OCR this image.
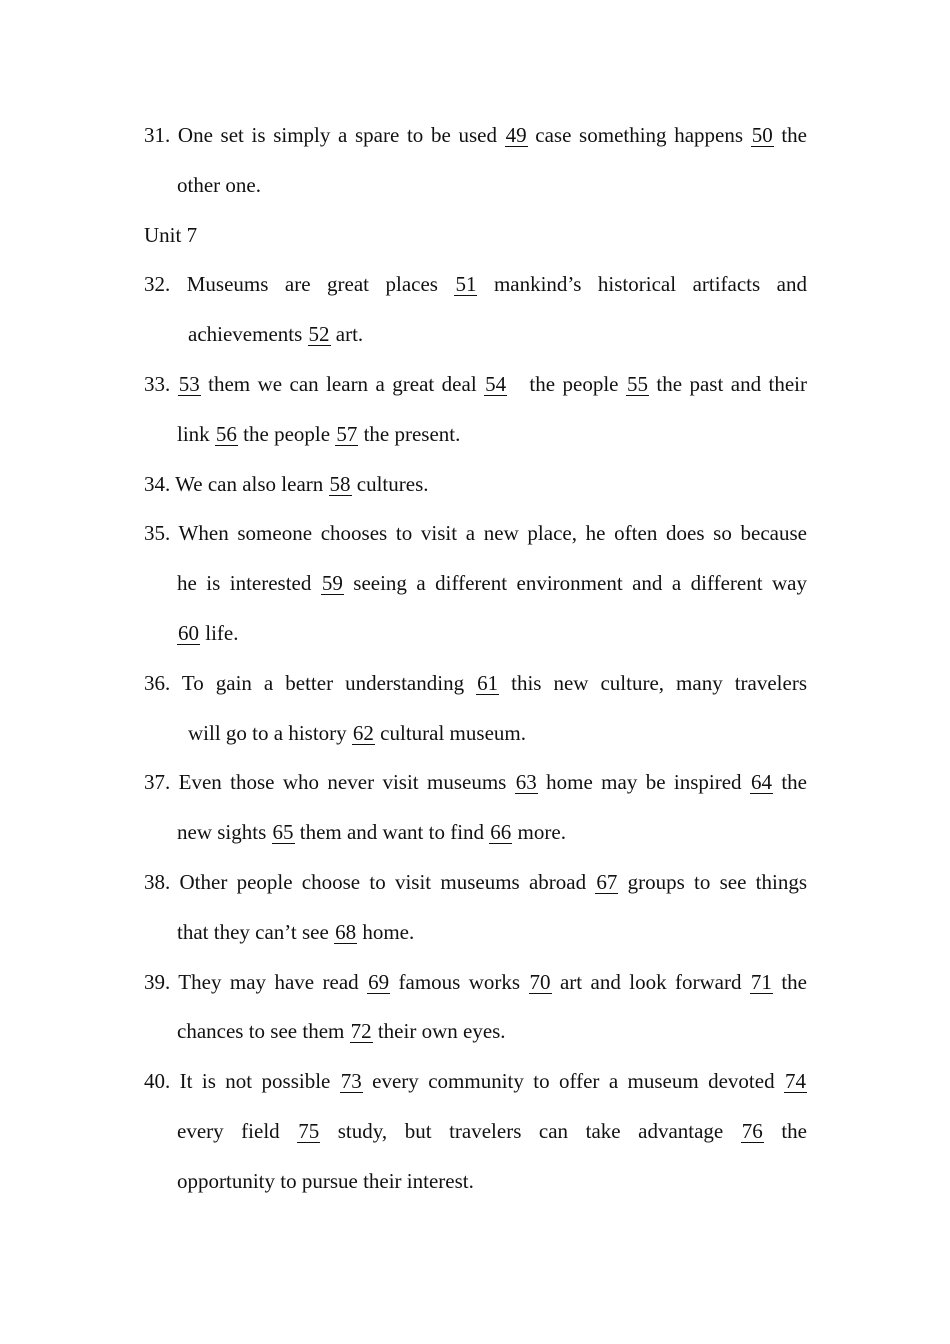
31. One set is simply a spare to be used 49 case something happens 50 the
other one.
Unit 7
32. Museums are great places 51 mankind’s historical artifacts and
achievements 52 art.
33. 53 them we can learn a great deal 54   the people 55 the past and their
link 56 the people 57 the present.
34. We can also learn 58 cultures.
35. When someone chooses to visit a new place, he often does so because
he is interested 59 seeing a different environment and a different way
60 life.
36. To gain a better understanding 61 this new culture, many travelers
will go to a history 62 cultural museum.
37. Even those who never visit museums 63 home may be inspired 64 the
new sights 65 them and want to find 66 more.
38. Other people choose to visit museums abroad 67 groups to see things
that they can’t see 68 home.
39. They may have read 69 famous works 70 art and look forward 71 the
chances to see them 72 their own eyes.
40. It is not possible 73 every community to offer a museum devoted 74
every field 75 study, but travelers can take advantage 76 the
opportunity to pursue their interest.
